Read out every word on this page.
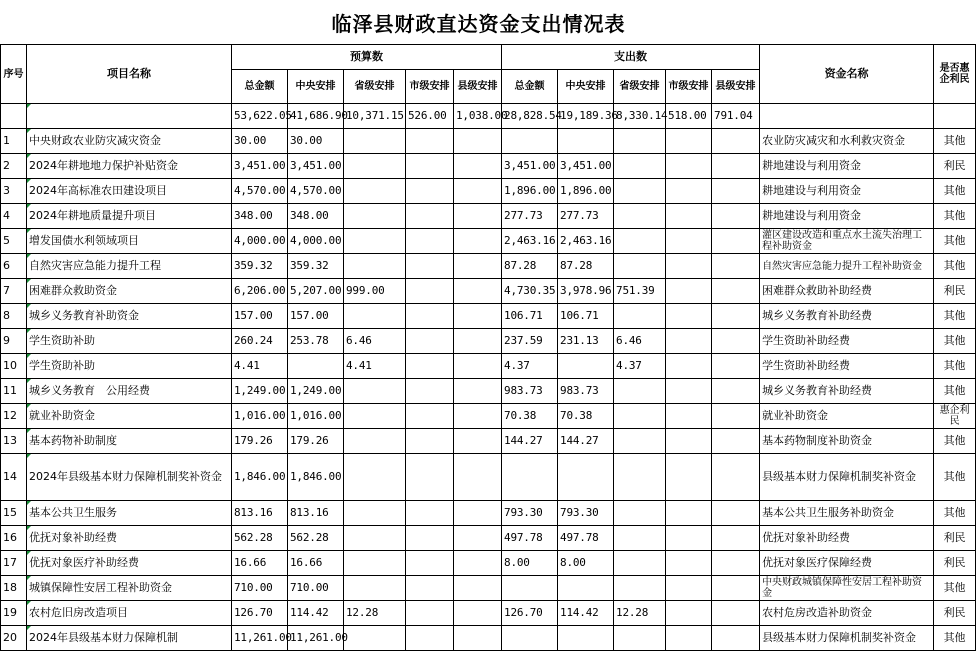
临泽县财政直达资金支出情况表
序号	项目名称	预算数					支出数					资金名称	是否惠企利民
		总金额	中央安排	省级安排	市级安排	县级安排	总金额	中央安排	省级安排	市级安排	县级安排		
		53,622.05	41,686.90	10,371.15	526.00	1,038.00	28,828.54	19,189.36	8,330.14	518.00	791.04		
1	中央财政农业防灾减灾资金	30.00	30.00									农业防灾减灾和水利救灾资金	其他
2	2024年耕地地力保护补贴资金	3,451.00	3,451.00				3,451.00	3,451.00				耕地建设与利用资金	利民
3	2024年高标准农田建设项目	4,570.00	4,570.00				1,896.00	1,896.00				耕地建设与利用资金	其他
4	2024年耕地质量提升项目	348.00	348.00				277.73	277.73				耕地建设与利用资金	其他
5	增发国债水利领域项目	4,000.00	4,000.00				2,463.16	2,463.16				灌区建设改造和重点水土流失治理工程补助资金	其他
6	自然灾害应急能力提升工程	359.32	359.32				87.28	87.28				自然灾害应急能力提升工程补助资金	其他
7	困难群众救助资金	6,206.00	5,207.00	999.00			4,730.35	3,978.96	751.39			困难群众救助补助经费	利民
8	城乡义务教育补助资金	157.00	157.00				106.71	106.71				城乡义务教育补助经费	其他
9	学生资助补助	260.24	253.78	6.46			237.59	231.13	6.46			学生资助补助经费	其他
10	学生资助补助	4.41		4.41			4.37		4.37			学生资助补助经费	其他
11	城乡义务教育　公用经费	1,249.00	1,249.00				983.73	983.73				城乡义务教育补助经费	其他
12	就业补助资金	1,016.00	1,016.00				70.38	70.38				就业补助资金	惠企利民
13	基本药物补助制度	179.26	179.26				144.27	144.27				基本药物制度补助资金	其他
14	2024年县级基本财力保障机制奖补资金	1,846.00	1,846.00									县级基本财力保障机制奖补资金	其他
15	基本公共卫生服务	813.16	813.16				793.30	793.30				基本公共卫生服务补助资金	其他
16	优抚对象补助经费	562.28	562.28				497.78	497.78				优抚对象补助经费	利民
17	优抚对象医疗补助经费	16.66	16.66				8.00	8.00				优抚对象医疗保障经费	利民
18	城镇保障性安居工程补助资金	710.00	710.00									中央财政城镇保障性安居工程补助资金	其他
19	农村危旧房改造项目	126.70	114.42	12.28			126.70	114.42	12.28			农村危房改造补助资金	利民
20	2024年县级基本财力保障机制	11,261.00	11,261.00									县级基本财力保障机制奖补资金	其他
